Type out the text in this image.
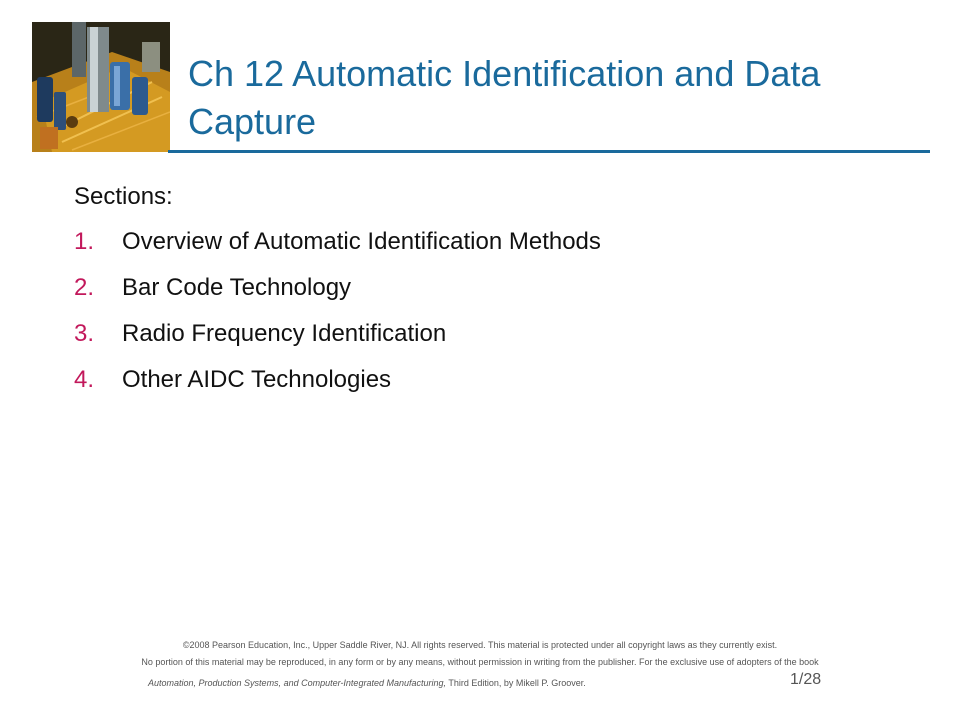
Ch 12 Automatic Identification and Data Capture
Sections:
1.	Overview of Automatic Identification Methods
2.	Bar Code Technology
3.	Radio Frequency Identification
4.	Other AIDC Technologies
©2008 Pearson Education, Inc., Upper Saddle River, NJ. All rights reserved. This material is protected under all copyright laws as they currently exist.
No portion of this material may be reproduced, in any form or by any means, without permission in writing from the publisher. For the exclusive use of adopters of the book
Automation, Production Systems, and Computer-Integrated Manufacturing, Third Edition, by Mikell P. Groover.	1/28
